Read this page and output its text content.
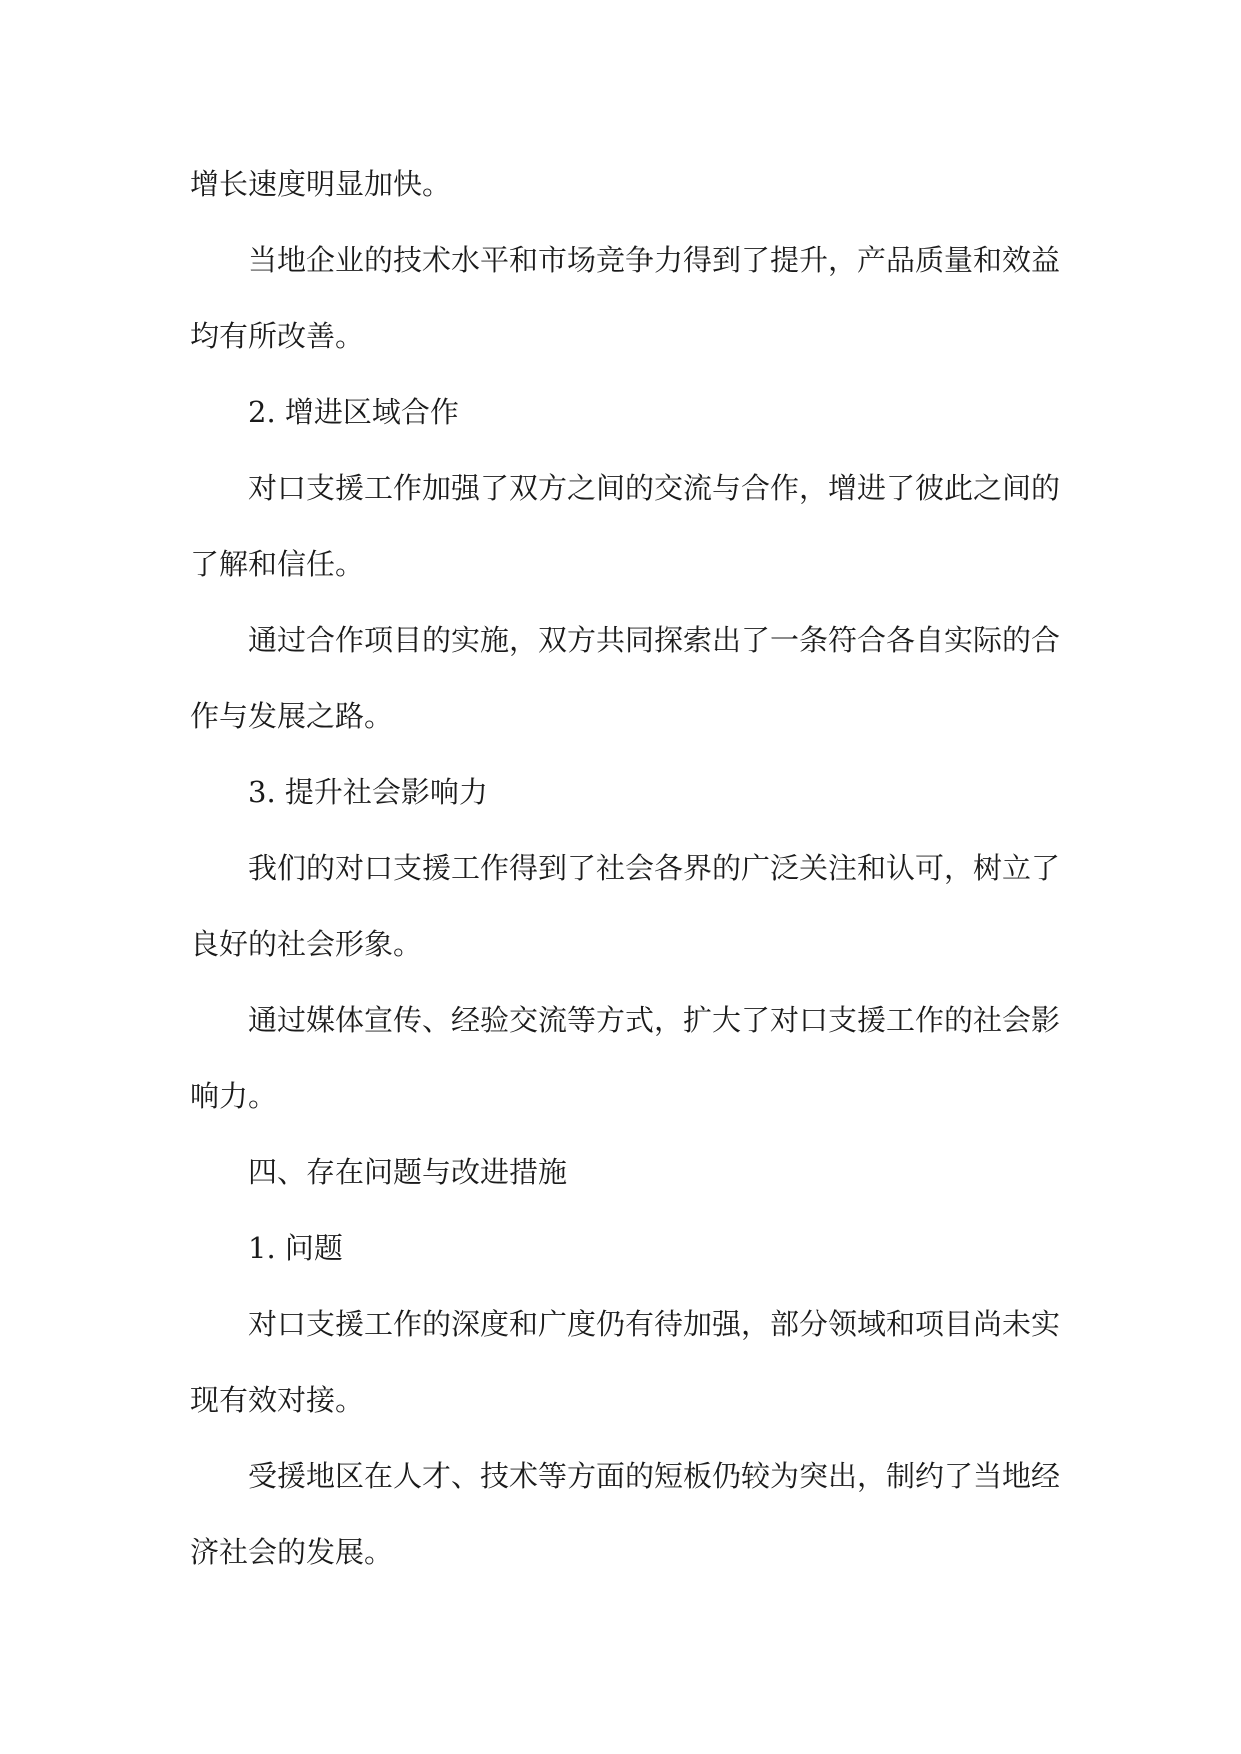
增长速度明显加快。

当地企业的技术水平和市场竞争力得到了提升，产品质量和效益均有所改善。

2. 增进区域合作

对口支援工作加强了双方之间的交流与合作，增进了彼此之间的了解和信任。

通过合作项目的实施，双方共同探索出了一条符合各自实际的合作与发展之路。

3. 提升社会影响力

我们的对口支援工作得到了社会各界的广泛关注和认可，树立了良好的社会形象。

通过媒体宣传、经验交流等方式，扩大了对口支援工作的社会影响力。

四、存在问题与改进措施

1. 问题

对口支援工作的深度和广度仍有待加强，部分领域和项目尚未实现有效对接。

受援地区在人才、技术等方面的短板仍较为突出，制约了当地经济社会的发展。
